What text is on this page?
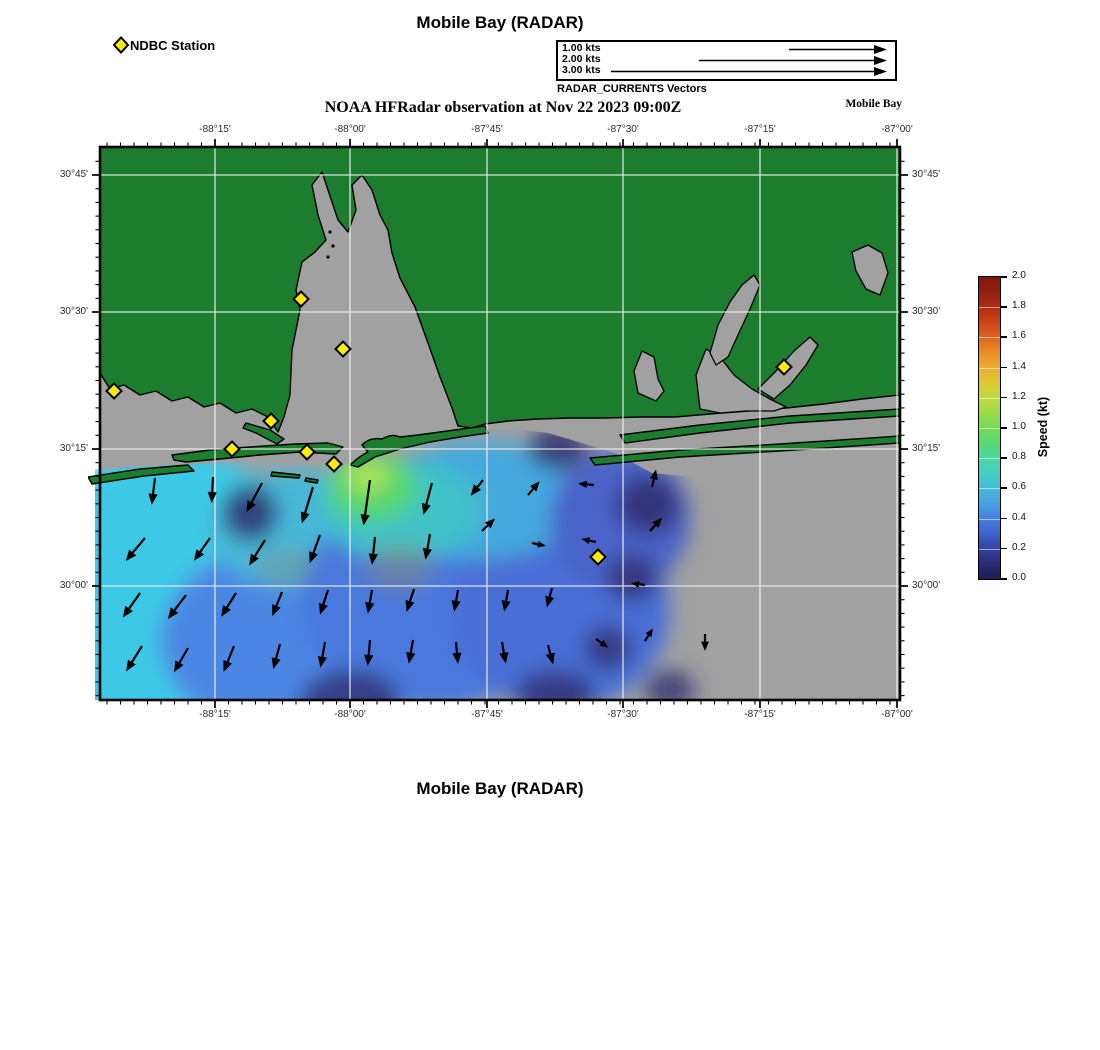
Mobile Bay (RADAR)
NDBC Station	1.00 kts
2.00 kts
3.00 kts
RADAR_CURRENTS Vectors
NOAA HFRadar observation at Nov 22 2023 09:00Z	Mobile Bay
-88°15'
-88°15'
-88°00'
-88°00'
-87°45'
-87°45'
-87°30'
-87°30'
-87°15'
-87°15'
-87°00'
-87°00'
30°45'	30°45'
30°30'	30°30'
30°15'	30°15'
30°00'	30°00'
2.0
1.8
1.6
1.4
1.2
1.0
0.8
0.6
0.4
0.2
0.0
Speed (kt)
Mobile Bay (RADAR)
